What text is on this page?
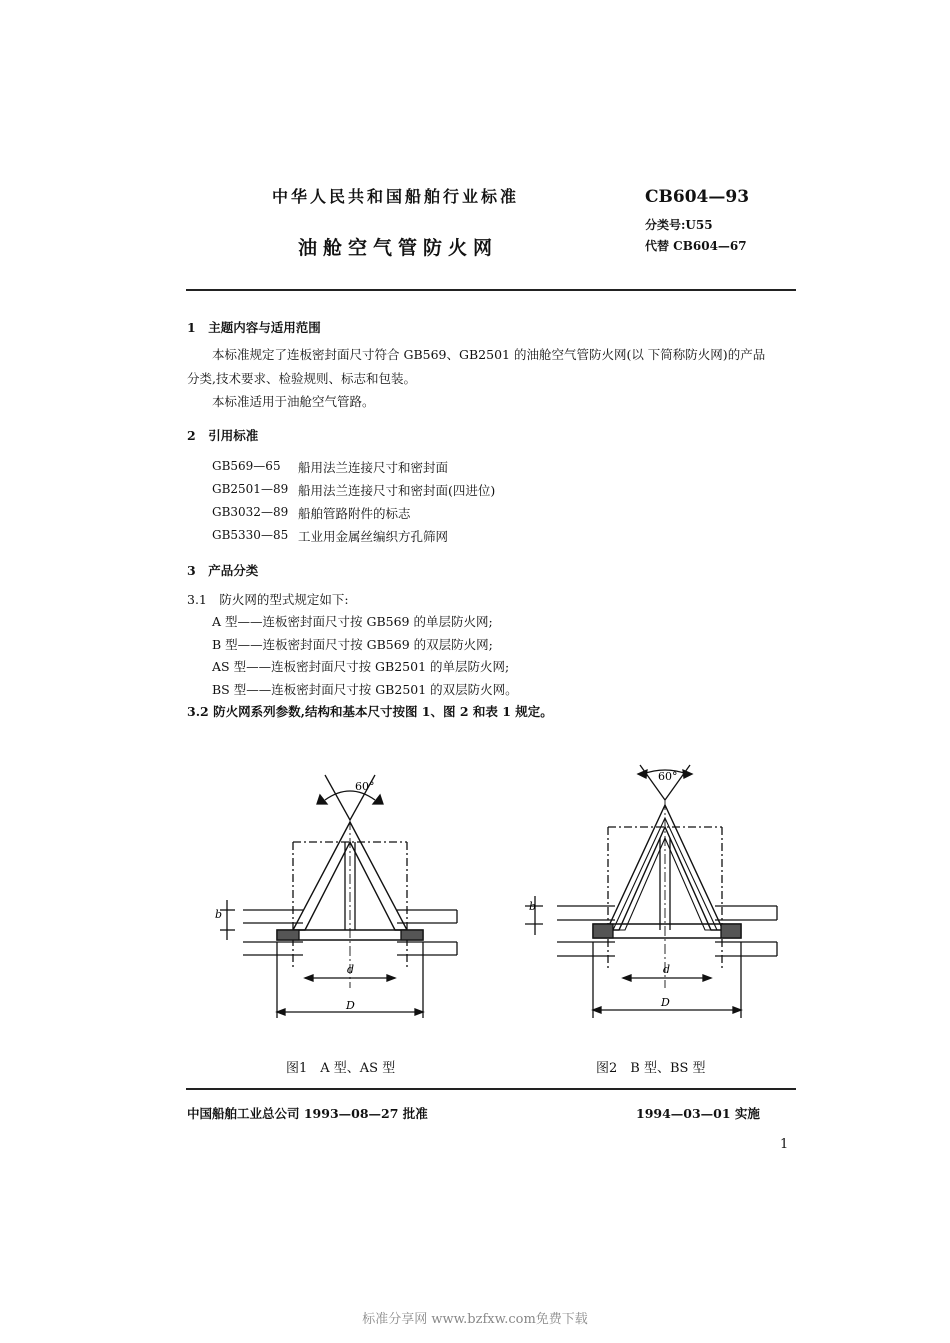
中华人民共和国船舶行业标准
油舱空气管防火网
CB604—93
分类号:U55
代替 CB604—67
1　主题内容与适用范围
本标准规定了连板密封面尺寸符合 GB569、GB2501 的油舱空气管防火网(以 下简称防火网)的产品
分类,技术要求、检验规则、标志和包装。
本标准适用于油舱空气管路。
2　引用标准
GB569—65 船用法兰连接尺寸和密封面
GB2501—89 船用法兰连接尺寸和密封面(四进位)
GB3032—89 船舶管路附件的标志
GB5330—85 工业用金属丝编织方孔筛网
3　产品分类
3.1　防火网的型式规定如下:
A 型——连板密封面尺寸按 GB569 的单层防火网;
B 型——连板密封面尺寸按 GB569 的双层防火网;
AS 型——连板密封面尺寸按 GB2501 的单层防火网;
BS 型——连板密封面尺寸按 GB2501 的双层防火网。
3.2 防火网系列参数,结构和基本尺寸按图 1、图 2 和表 1 规定。
60°
b
d
D
图1　A 型、AS 型
60°
b
d
D
图2　B 型、BS 型
中国船舶工业总公司 1993—08—27 批准	1994—03—01 实施
1
标准分享网 www.bzfxw.com免费下载
